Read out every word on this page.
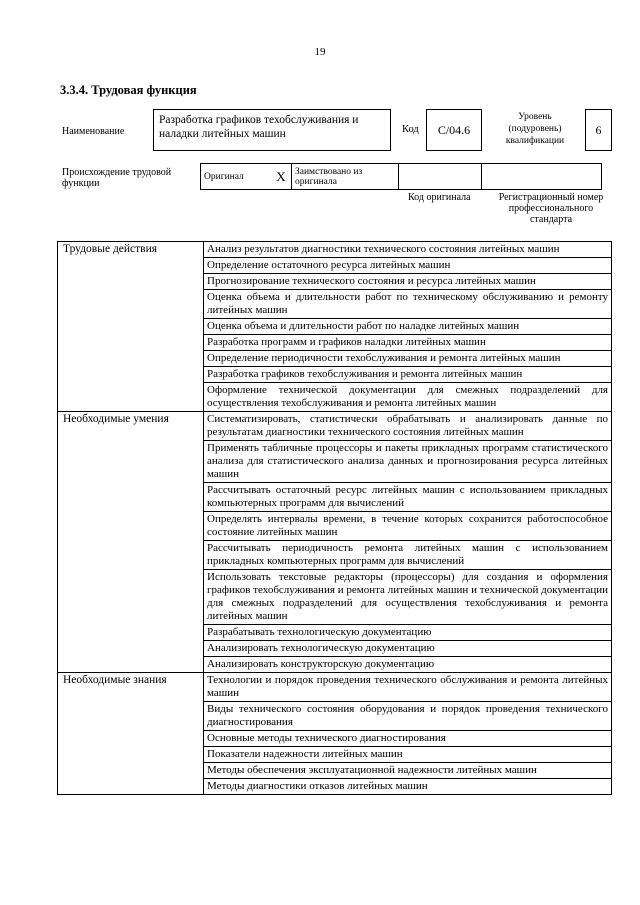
19
3.3.4. Трудовая функция
Наименование
Разработка графиков техобслуживания и наладки литейных машин	Код C/04.6
Уровень (подуровень) квалификации
6
Происхождение трудовой функции
Оригинал	X	Заимствовано из оригинала		
Код оригинала	Регистрационный номер профессионального стандарта
Трудовые действия	Анализ результатов диагностики технического состояния литейных машин
	Определение остаточного ресурса литейных машин
	Прогнозирование технического состояния и ресурса литейных машин
	Оценка объема и длительности работ по техническому обслуживанию и ремонту литейных машин
	Оценка объема и длительности работ по наладке литейных машин
	Разработка программ и графиков наладки литейных машин
	Определение периодичности техобслуживания и ремонта литейных машин
	Разработка графиков техобслуживания и ремонта литейных машин
	Оформление технической документации для смежных подразделений для осуществления техобслуживания и ремонта литейных машин
Необходимые умения	Систематизировать, статистически обрабатывать и анализировать данные по результатам диагностики технического состояния литейных машин
	Применять табличные процессоры и пакеты прикладных программ статистического анализа для статистического анализа данных и прогнозирования ресурса литейных машин
	Рассчитывать остаточный ресурс литейных машин с использованием прикладных компьютерных программ для вычислений
	Определять интервалы времени, в течение которых сохранится работоспособное состояние литейных машин
	Рассчитывать периодичность ремонта литейных машин с использованием прикладных компьютерных программ для вычислений
	Использовать текстовые редакторы (процессоры) для создания и оформления графиков техобслуживания и ремонта литейных машин и технической документации для смежных подразделений для осуществления техобслуживания и ремонта литейных машин
	Разрабатывать технологическую документацию
	Анализировать технологическую документацию
	Анализировать конструкторскую документацию
Необходимые знания	Технологии и порядок проведения технического обслуживания и ремонта литейных машин
	Виды технического состояния оборудования и порядок проведения технического диагностирования
	Основные методы технического диагностирования
	Показатели надежности литейных машин
	Методы обеспечения эксплуатационной надежности литейных машин
	Методы диагностики отказов литейных машин
